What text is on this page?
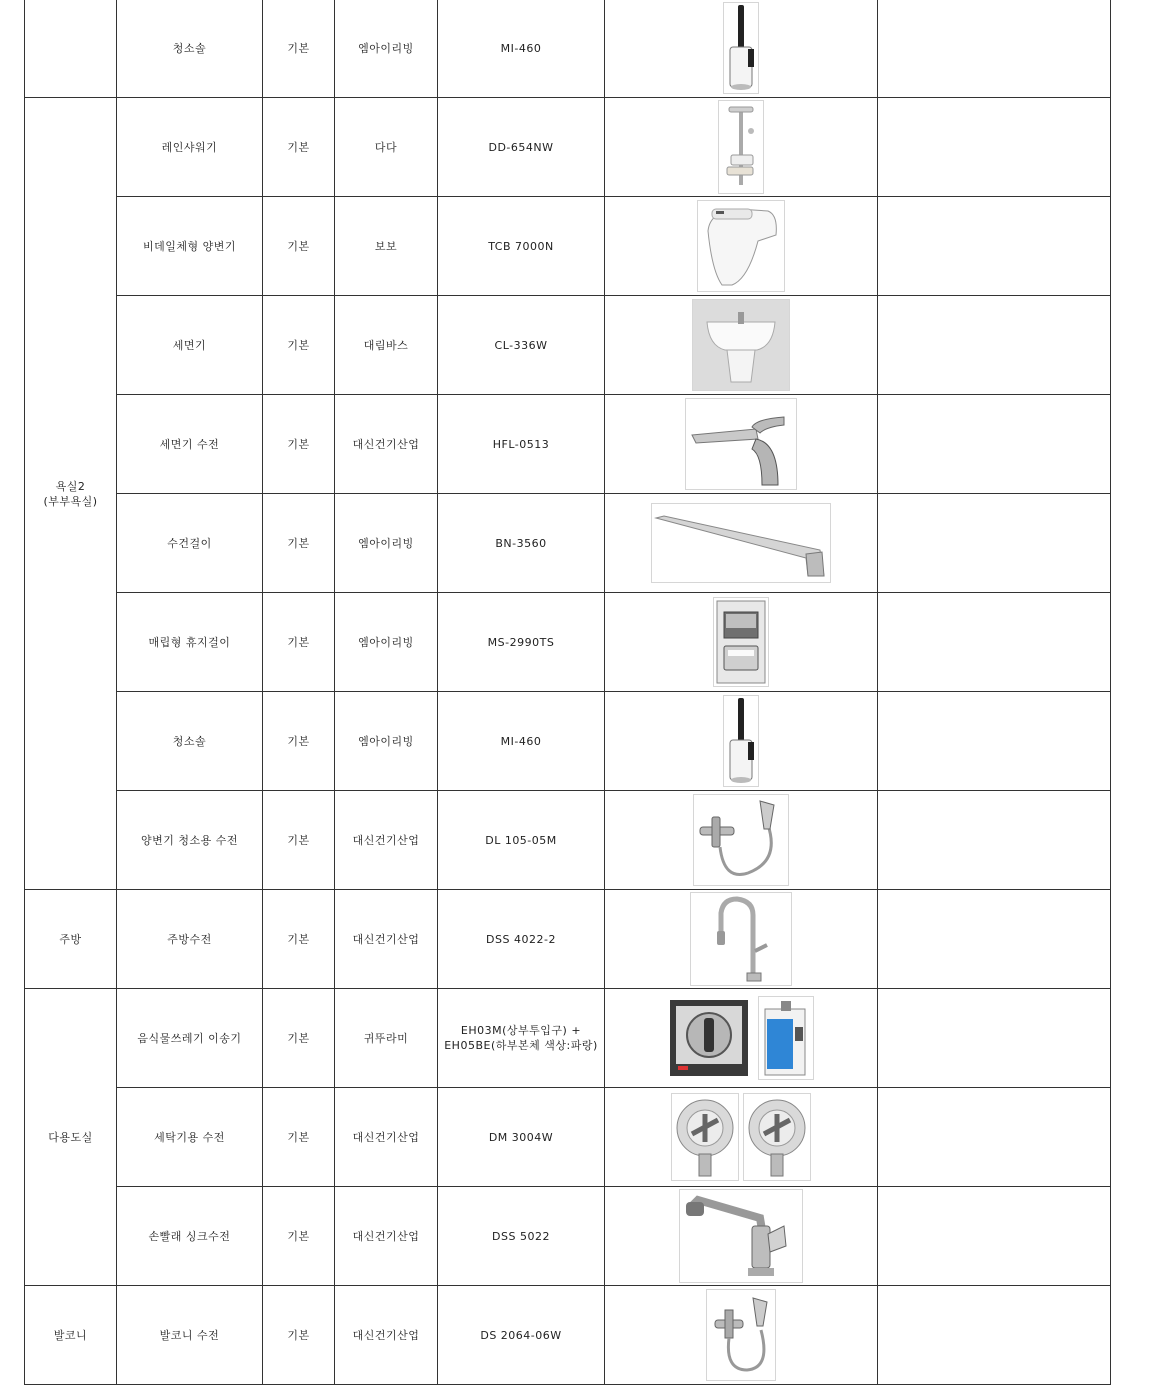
	청소솔	기본	엠아이리빙	MI-460	

욕실2
(부부욕실)	레인샤워기	기본	다다	DD-654NW	

	비데일체형 양변기	기본	보보	TCB 7000N	

	세면기	기본	대림바스	CL-336W	

	세면기 수전	기본	대신건기산업	HFL-0513	

	수건걸이	기본	엠아이리빙	BN-3560	

	매립형 휴지걸이	기본	엠아이리빙	MS-2990TS	

	청소솔	기본	엠아이리빙	MI-460	

	양변기 청소용 수전	기본	대신건기산업	DL 105-05M	

주방	주방수전	기본	대신건기산업	DSS 4022-2	

다용도실	음식물쓰레기 이송기	기본	귀뚜라미	EH03M(상부투입구) +
EH05BE(하부본체 색상:파랑)	

	세탁기용 수전	기본	대신건기산업	DM 3004W	

	손빨래 싱크수전	기본	대신건기산업	DSS 5022	

발코니	발코니 수전	기본	대신건기산업	DS 2064-06W	
